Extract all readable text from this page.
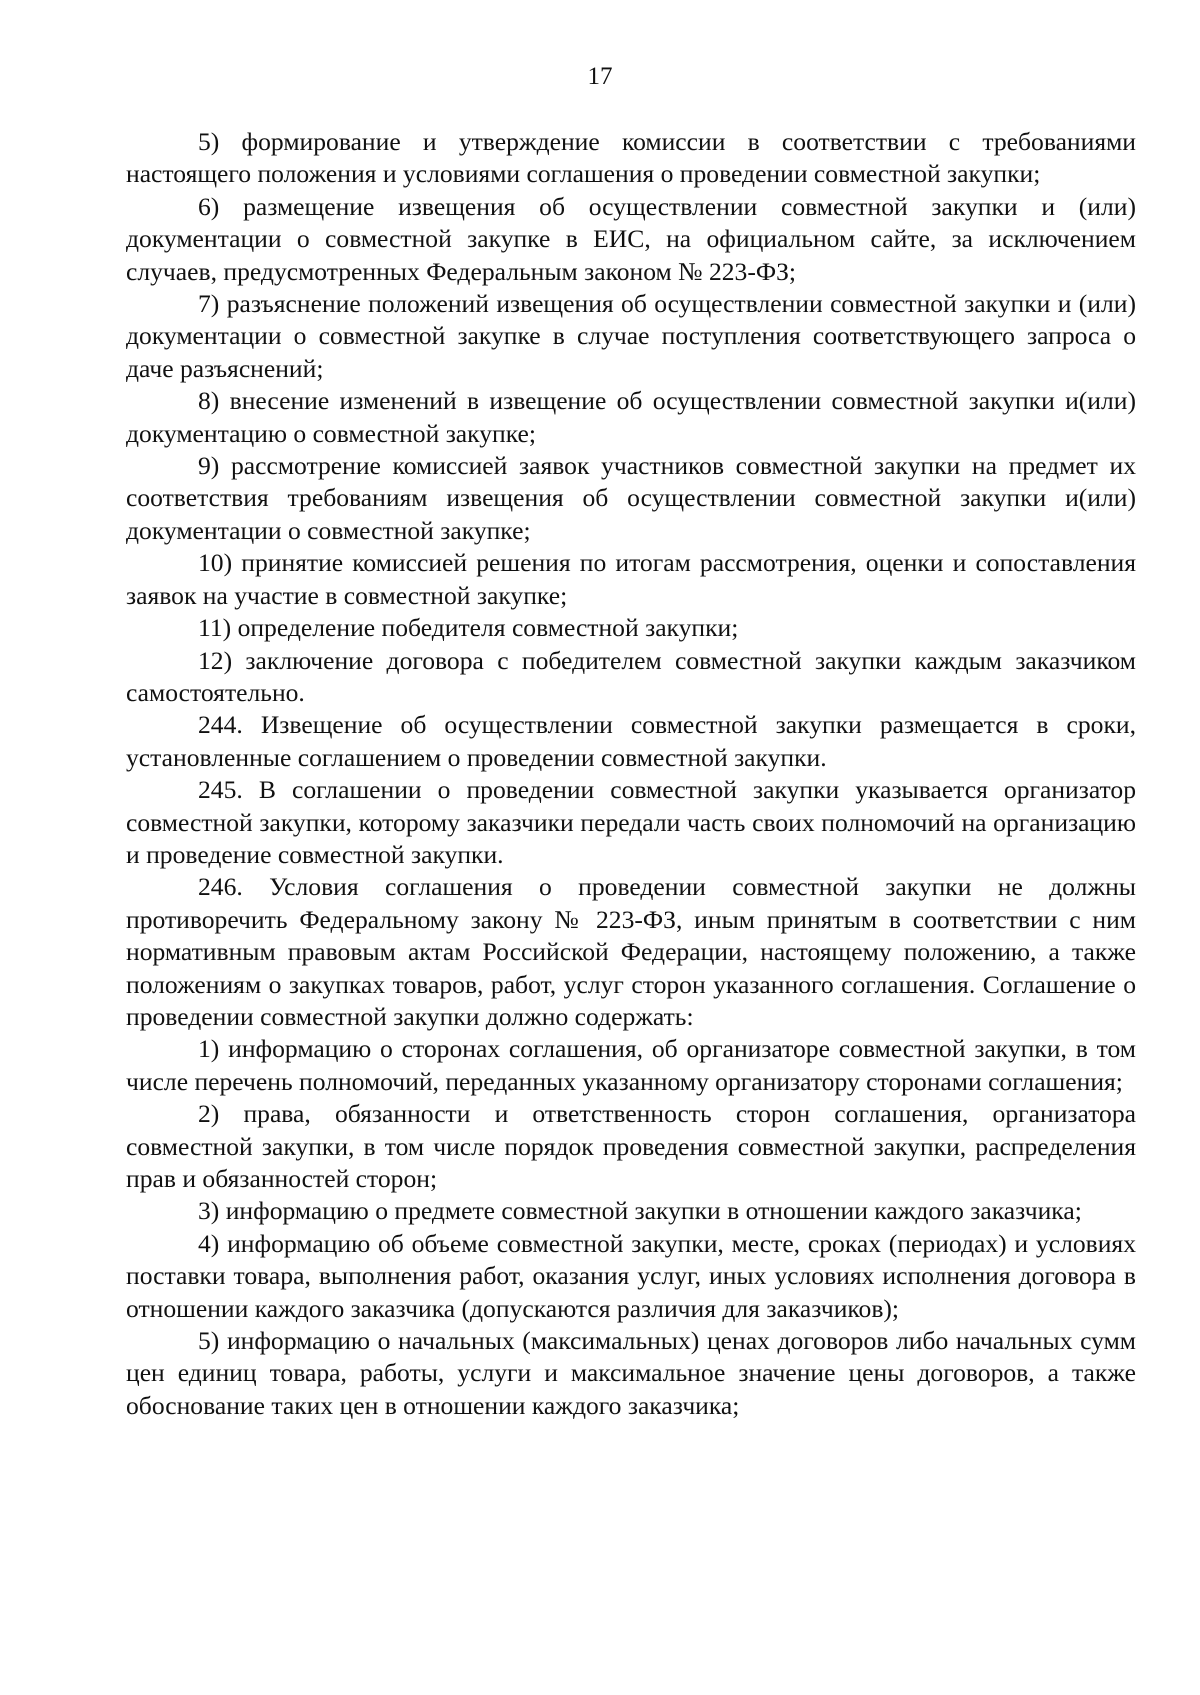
17

5) формирование и утверждение комиссии в соответствии с требованиями настоящего положения и условиями соглашения о проведении совместной закупки;

6) размещение извещения об осуществлении совместной закупки и (или) документации о совместной закупке в ЕИС, на официальном сайте, за исключением случаев, предусмотренных Федеральным законом № 223-ФЗ;

7) разъяснение положений извещения об осуществлении совместной закупки и (или) документации о совместной закупке в случае поступления соответствующего запроса о даче разъяснений;

8) внесение изменений в извещение об осуществлении совместной закупки и(или) документацию о совместной закупке;

9) рассмотрение комиссией заявок участников совместной закупки на предмет их соответствия требованиям извещения об осуществлении совместной закупки и(или) документации о совместной закупке;

10) принятие комиссией решения по итогам рассмотрения, оценки и сопоставления заявок на участие в совместной закупке;

11) определение победителя совместной закупки;

12) заключение договора с победителем совместной закупки каждым заказчиком самостоятельно.

244. Извещение об осуществлении совместной закупки размещается в сроки, установленные соглашением о проведении совместной закупки.

245. В соглашении о проведении совместной закупки указывается организатор совместной закупки, которому заказчики передали часть своих полномочий на организацию и проведение совместной закупки.

246. Условия соглашения о проведении совместной закупки не должны противоречить Федеральному закону № 223-ФЗ, иным принятым в соответствии с ним нормативным правовым актам Российской Федерации, настоящему положению, а также положениям о закупках товаров, работ, услуг сторон указанного соглашения. Соглашение о проведении совместной закупки должно содержать:

1) информацию о сторонах соглашения, об организаторе совместной закупки, в том числе перечень полномочий, переданных указанному организатору сторонами соглашения;

2) права, обязанности и ответственность сторон соглашения, организатора совместной закупки, в том числе порядок проведения совместной закупки, распределения прав и обязанностей сторон;

3) информацию о предмете совместной закупки в отношении каждого заказчика;

4) информацию об объеме совместной закупки, месте, сроках (периодах) и условиях поставки товара, выполнения работ, оказания услуг, иных условиях исполнения договора в отношении каждого заказчика (допускаются различия для заказчиков);

5) информацию о начальных (максимальных) ценах договоров либо начальных сумм цен единиц товара, работы, услуги и максимальное значение цены договоров, а также обоснование таких цен в отношении каждого заказчика;
